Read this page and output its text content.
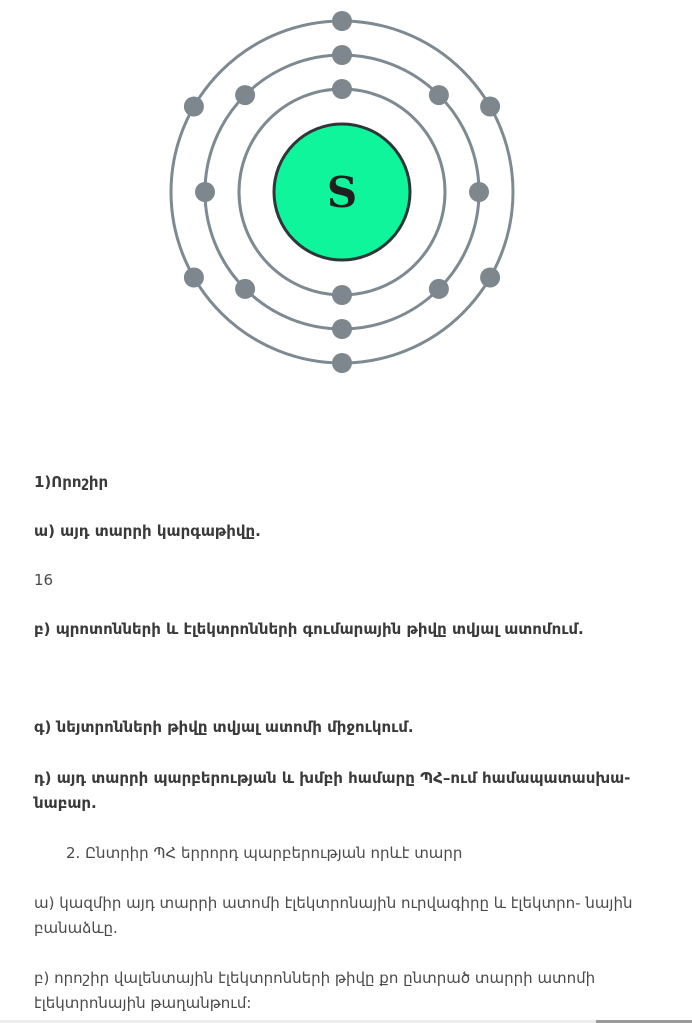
S

1)Որոշիր

ա) այդ տարրի կարգաթիվը.

16

բ) պրոտոնների և էլեկտրոնների գումարային թիվը տվյալ ատոմում.

գ) նեյտրոնների թիվը տվյալ ատոմի միջուկում.

դ) այդ տարրի պարբերության և խմբի համարը ՊՀ–ում համապատասխա-

նաբար.

2. Ընտրիր ՊՀ երրորդ պարբերության որևէ տարր

ա) կազմիր այդ տարրի ատոմի էլեկտրոնային ուրվագիրը և էլեկտրո- նային

բանաձևը.

բ) որոշիր վալենտային էլեկտրոնների թիվը քո ընտրած տարրի ատոմի

էլեկտրոնային թաղանթում:
